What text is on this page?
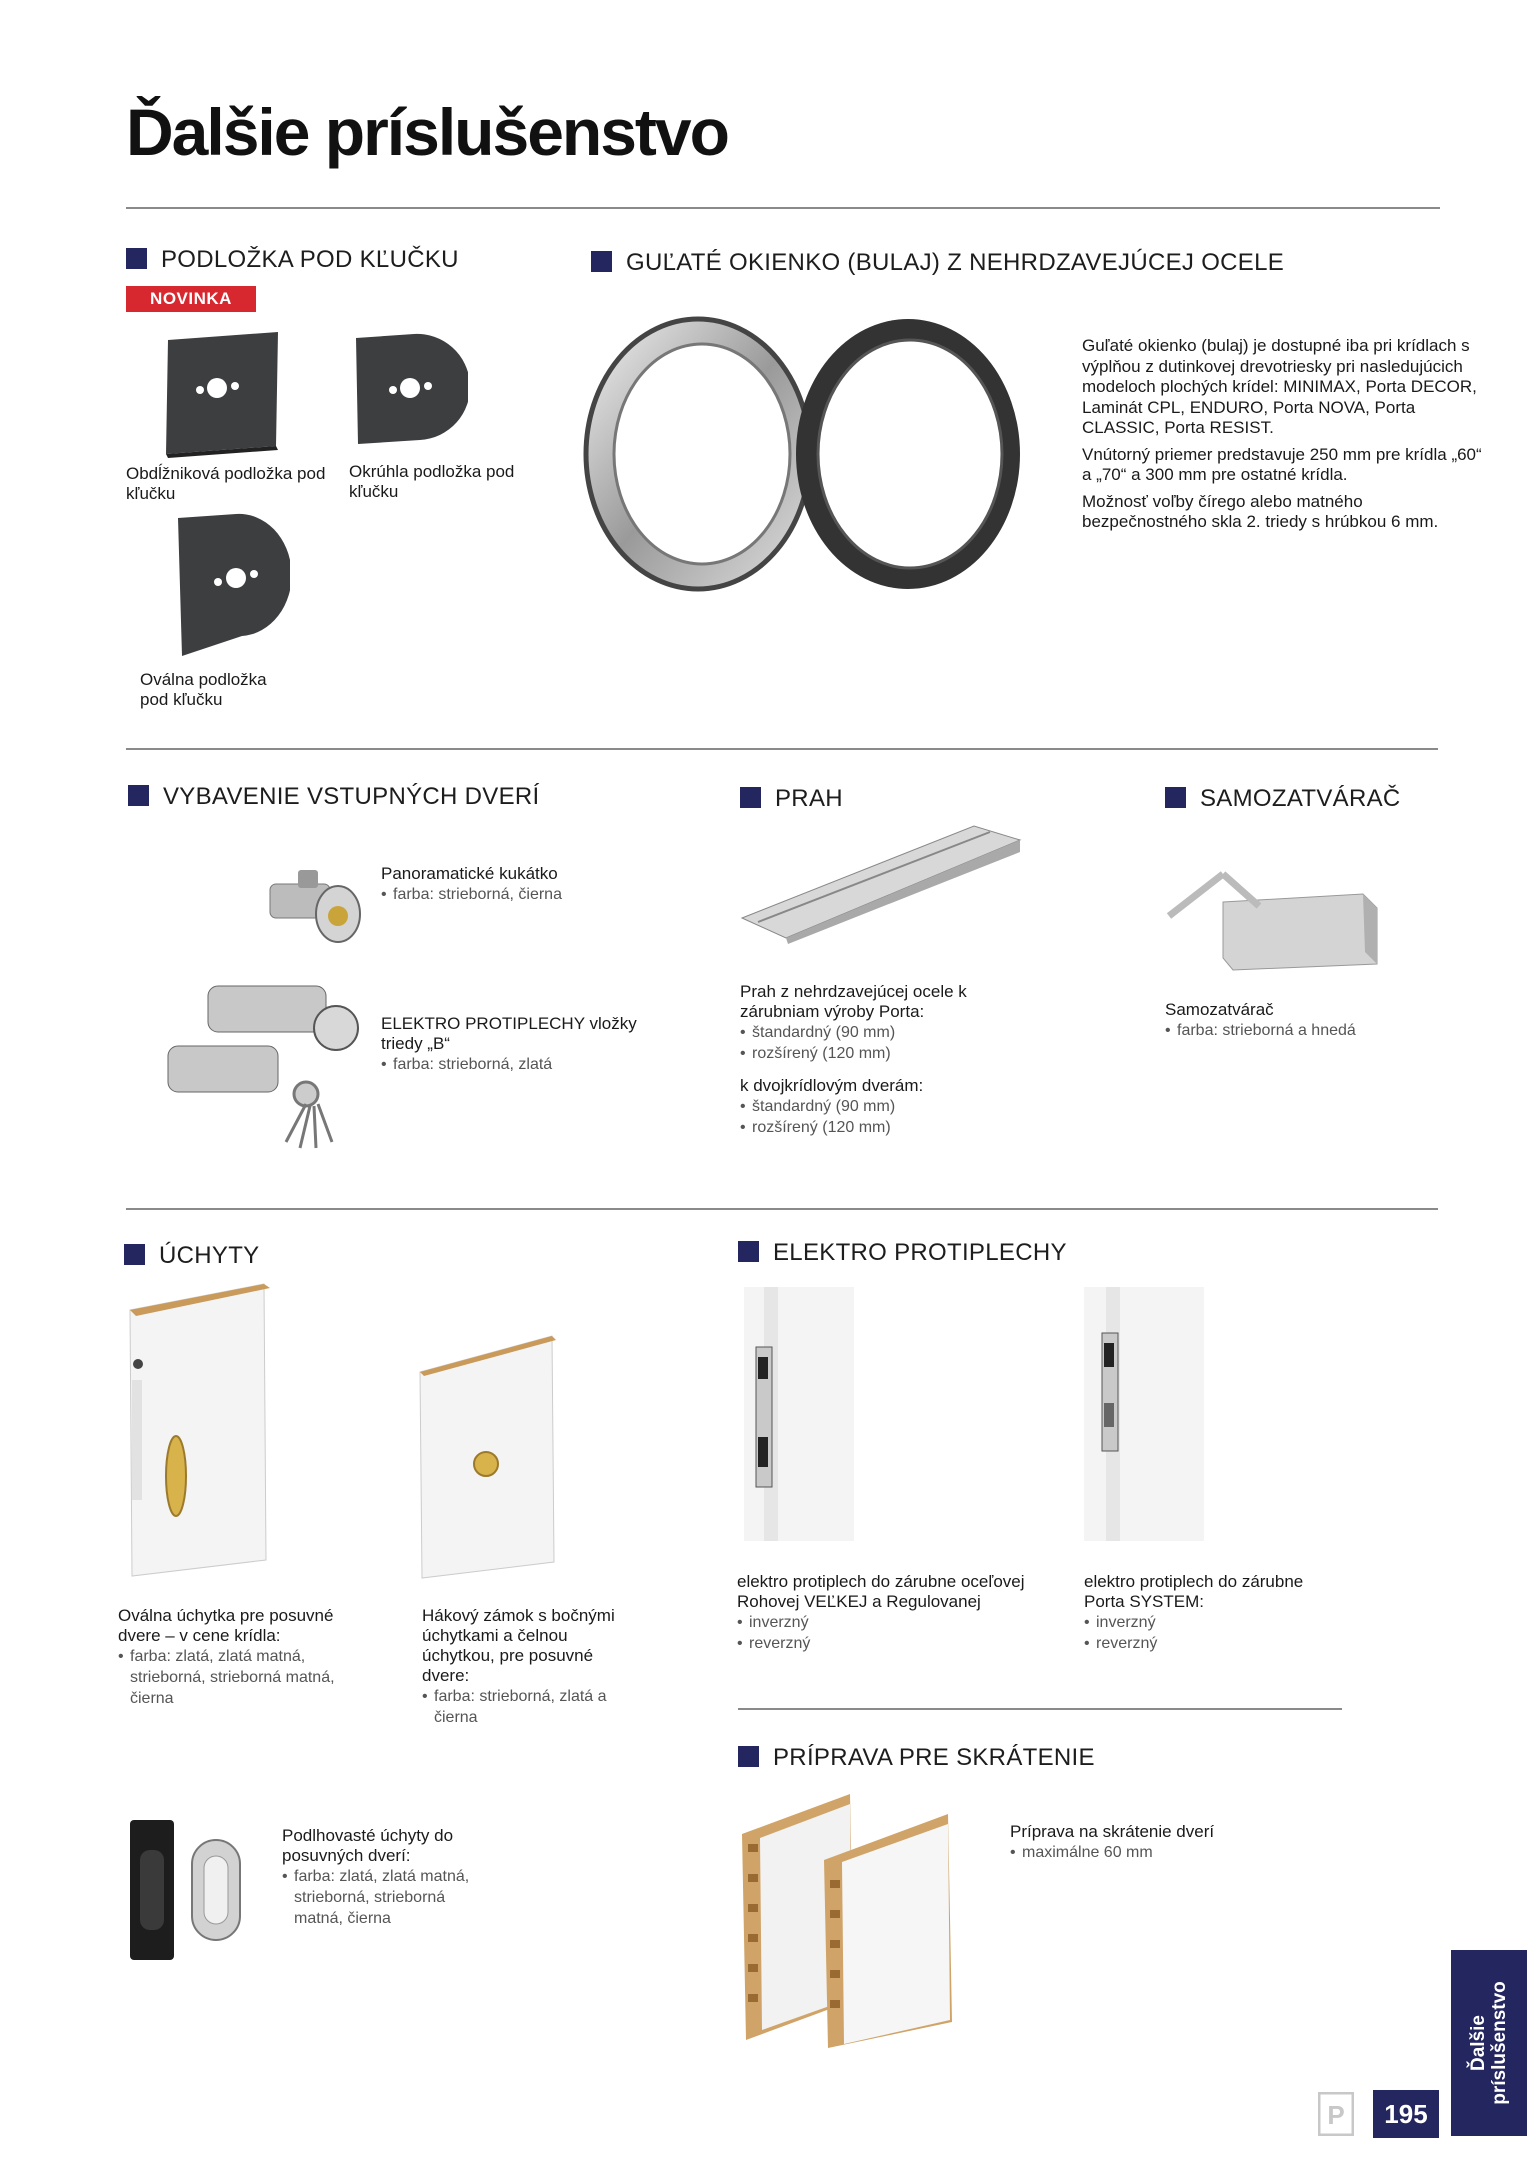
Ďalšie príslušenstvo
PODLOŽKA POD KĽUČKU
NOVINKA
Obdĺžniková podložka pod kľučku
Okrúhla podložka pod kľučku
Oválna podložka pod kľučku
GUĽATÉ OKIENKO (BULAJ) Z NEHRDZAVEJÚCEJ OCELE

Guľaté okienko (bulaj) je dostupné iba pri krídlach s výplňou z dutinkovej drevotriesky pri nasledujúcich modeloch plochých krídel: MINIMAX, Porta DECOR, Laminát CPL, ENDURO, Porta NOVA, Porta CLASSIC, Porta RESIST.

Vnútorný priemer predstavuje 250 mm pre krídla „60“ a „70“ a 300 mm pre ostatné krídla.

Možnosť voľby čírego alebo matného bezpečnostného skla 2. triedy s hrúbkou 6 mm.

VYBAVENIE VSTUPNÝCH DVERÍ
Panoramatické kukátko
• farba: strieborná, čierna
ELEKTRO PROTIPLECHY vložky triedy „B“
• farba: strieborná, zlatá
PRAH
Prah z nehrdzavejúcej ocele k zárubniam výroby Porta:
• štandardný (90 mm)
• rozšírený (120 mm)
k dvojkrídlovým dverám:
• štandardný (90 mm)
• rozšírený (120 mm)
SAMOZATVÁRAČ
Samozatvárač
• farba: strieborná a hnedá
ÚCHYTY
Oválna úchytka pre posuvné dvere – v cene krídla:
• farba: zlatá, zlatá matná, strieborná, strieborná matná, čierna
Hákový zámok s bočnými úchytkami a čelnou úchytkou, pre posuvné dvere:
• farba: strieborná, zlatá a čierna
Podlhovasté úchyty do posuvných dverí:
• farba: zlatá, zlatá matná, strieborná, strieborná matná, čierna
ELEKTRO PROTIPLECHY
elektro protiplech do zárubne oceľovej Rohovej VEĽKEJ a Regulovanej
• inverzný
• reverzný
elektro protiplech do zárubne Porta SYSTEM:
• inverzný
• reverzný
PRÍPRAVA PRE SKRÁTENIE
Príprava na skrátenie dverí
• maximálne 60 mm
Ďalšie príslušenstvo
P	195
